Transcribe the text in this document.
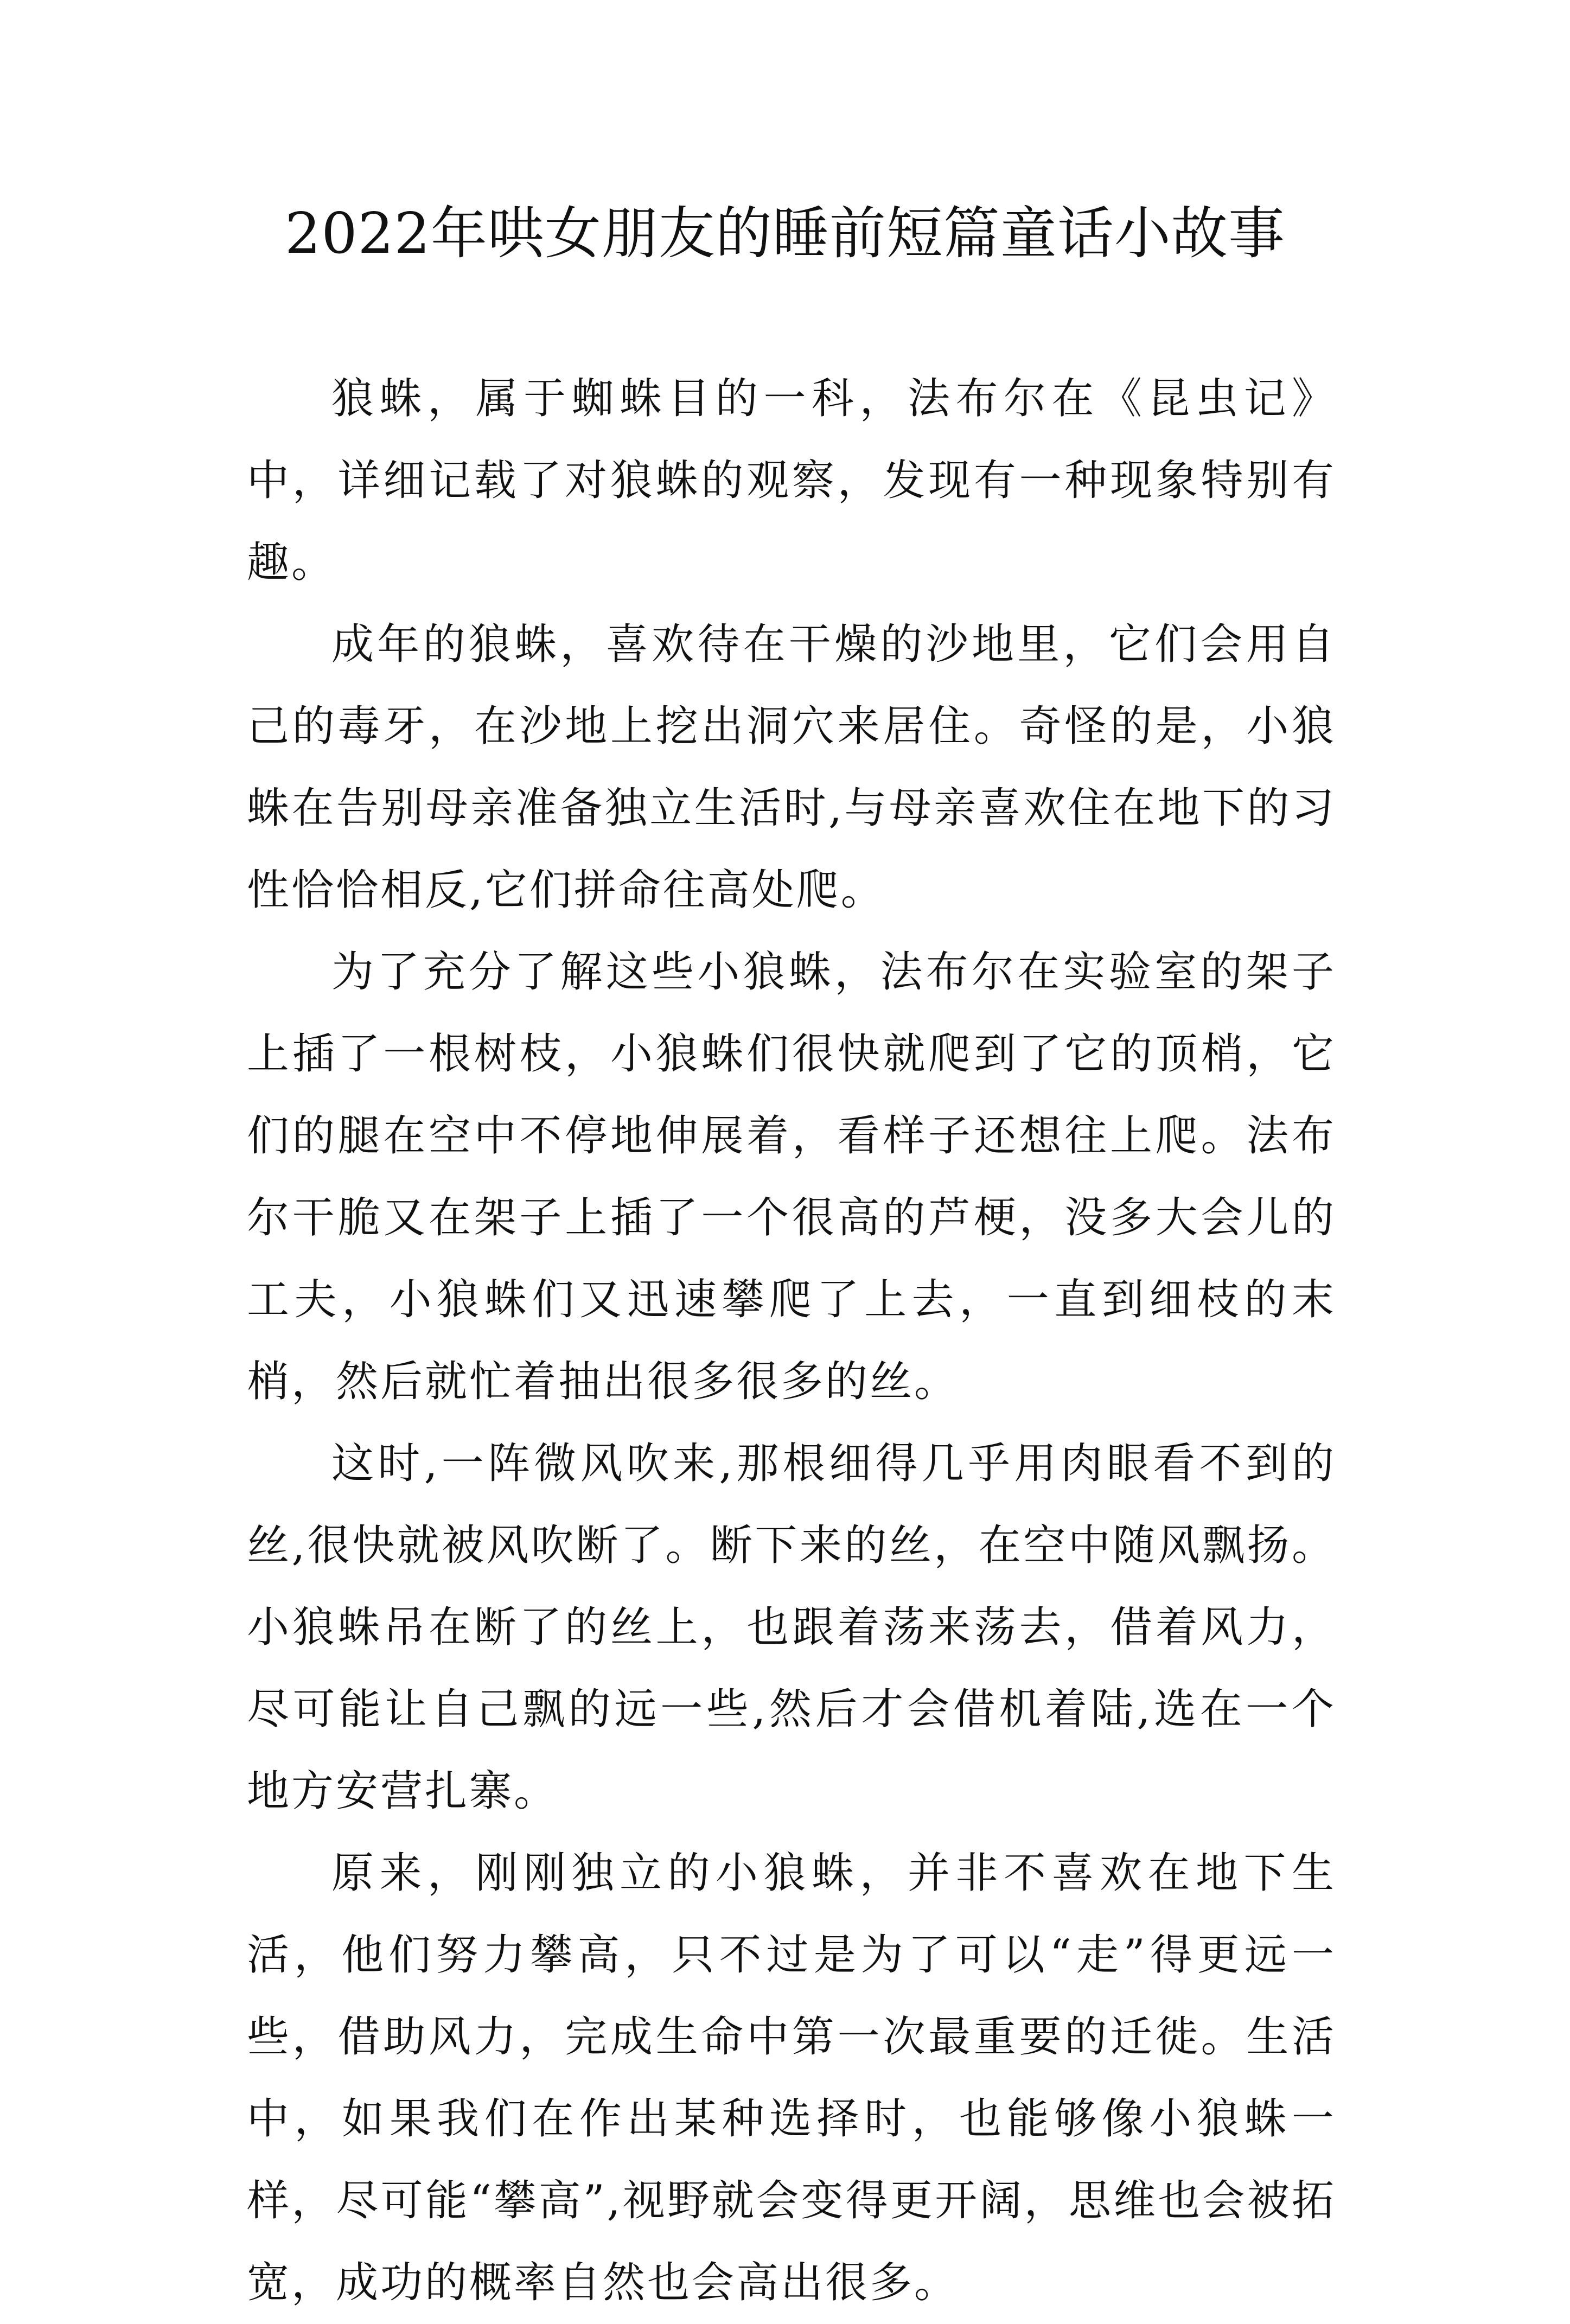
2022年哄女朋友的睡前短篇童话小故事

狼蛛，属于蜘蛛目的一科，法布尔在《昆虫记》中，详细记载了对狼蛛的观察，发现有一种现象特别有趣。

成年的狼蛛，喜欢待在干燥的沙地里，它们会用自己的毒牙，在沙地上挖出洞穴来居住。奇怪的是，小狼蛛在告别母亲准备独立生活时,与母亲喜欢住在地下的习性恰恰相反,它们拼命往高处爬。

为了充分了解这些小狼蛛，法布尔在实验室的架子上插了一根树枝，小狼蛛们很快就爬到了它的顶梢，它们的腿在空中不停地伸展着，看样子还想往上爬。法布尔干脆又在架子上插了一个很高的芦梗，没多大会儿的工夫，小狼蛛们又迅速攀爬了上去，一直到细枝的末梢，然后就忙着抽出很多很多的丝。

这时,一阵微风吹来,那根细得几乎用肉眼看不到的丝,很快就被风吹断了。断下来的丝，在空中随风飘扬。小狼蛛吊在断了的丝上，也跟着荡来荡去，借着风力，尽可能让自己飘的远一些,然后才会借机着陆,选在一个地方安营扎寨。

原来，刚刚独立的小狼蛛，并非不喜欢在地下生活，他们努力攀高，只不过是为了可以“走”得更远一些，借助风力，完成生命中第一次最重要的迁徙。生活中，如果我们在作出某种选择时，也能够像小狼蛛一样，尽可能“攀高”,视野就会变得更开阔，思维也会被拓宽，成功的概率自然也会高出很多。
